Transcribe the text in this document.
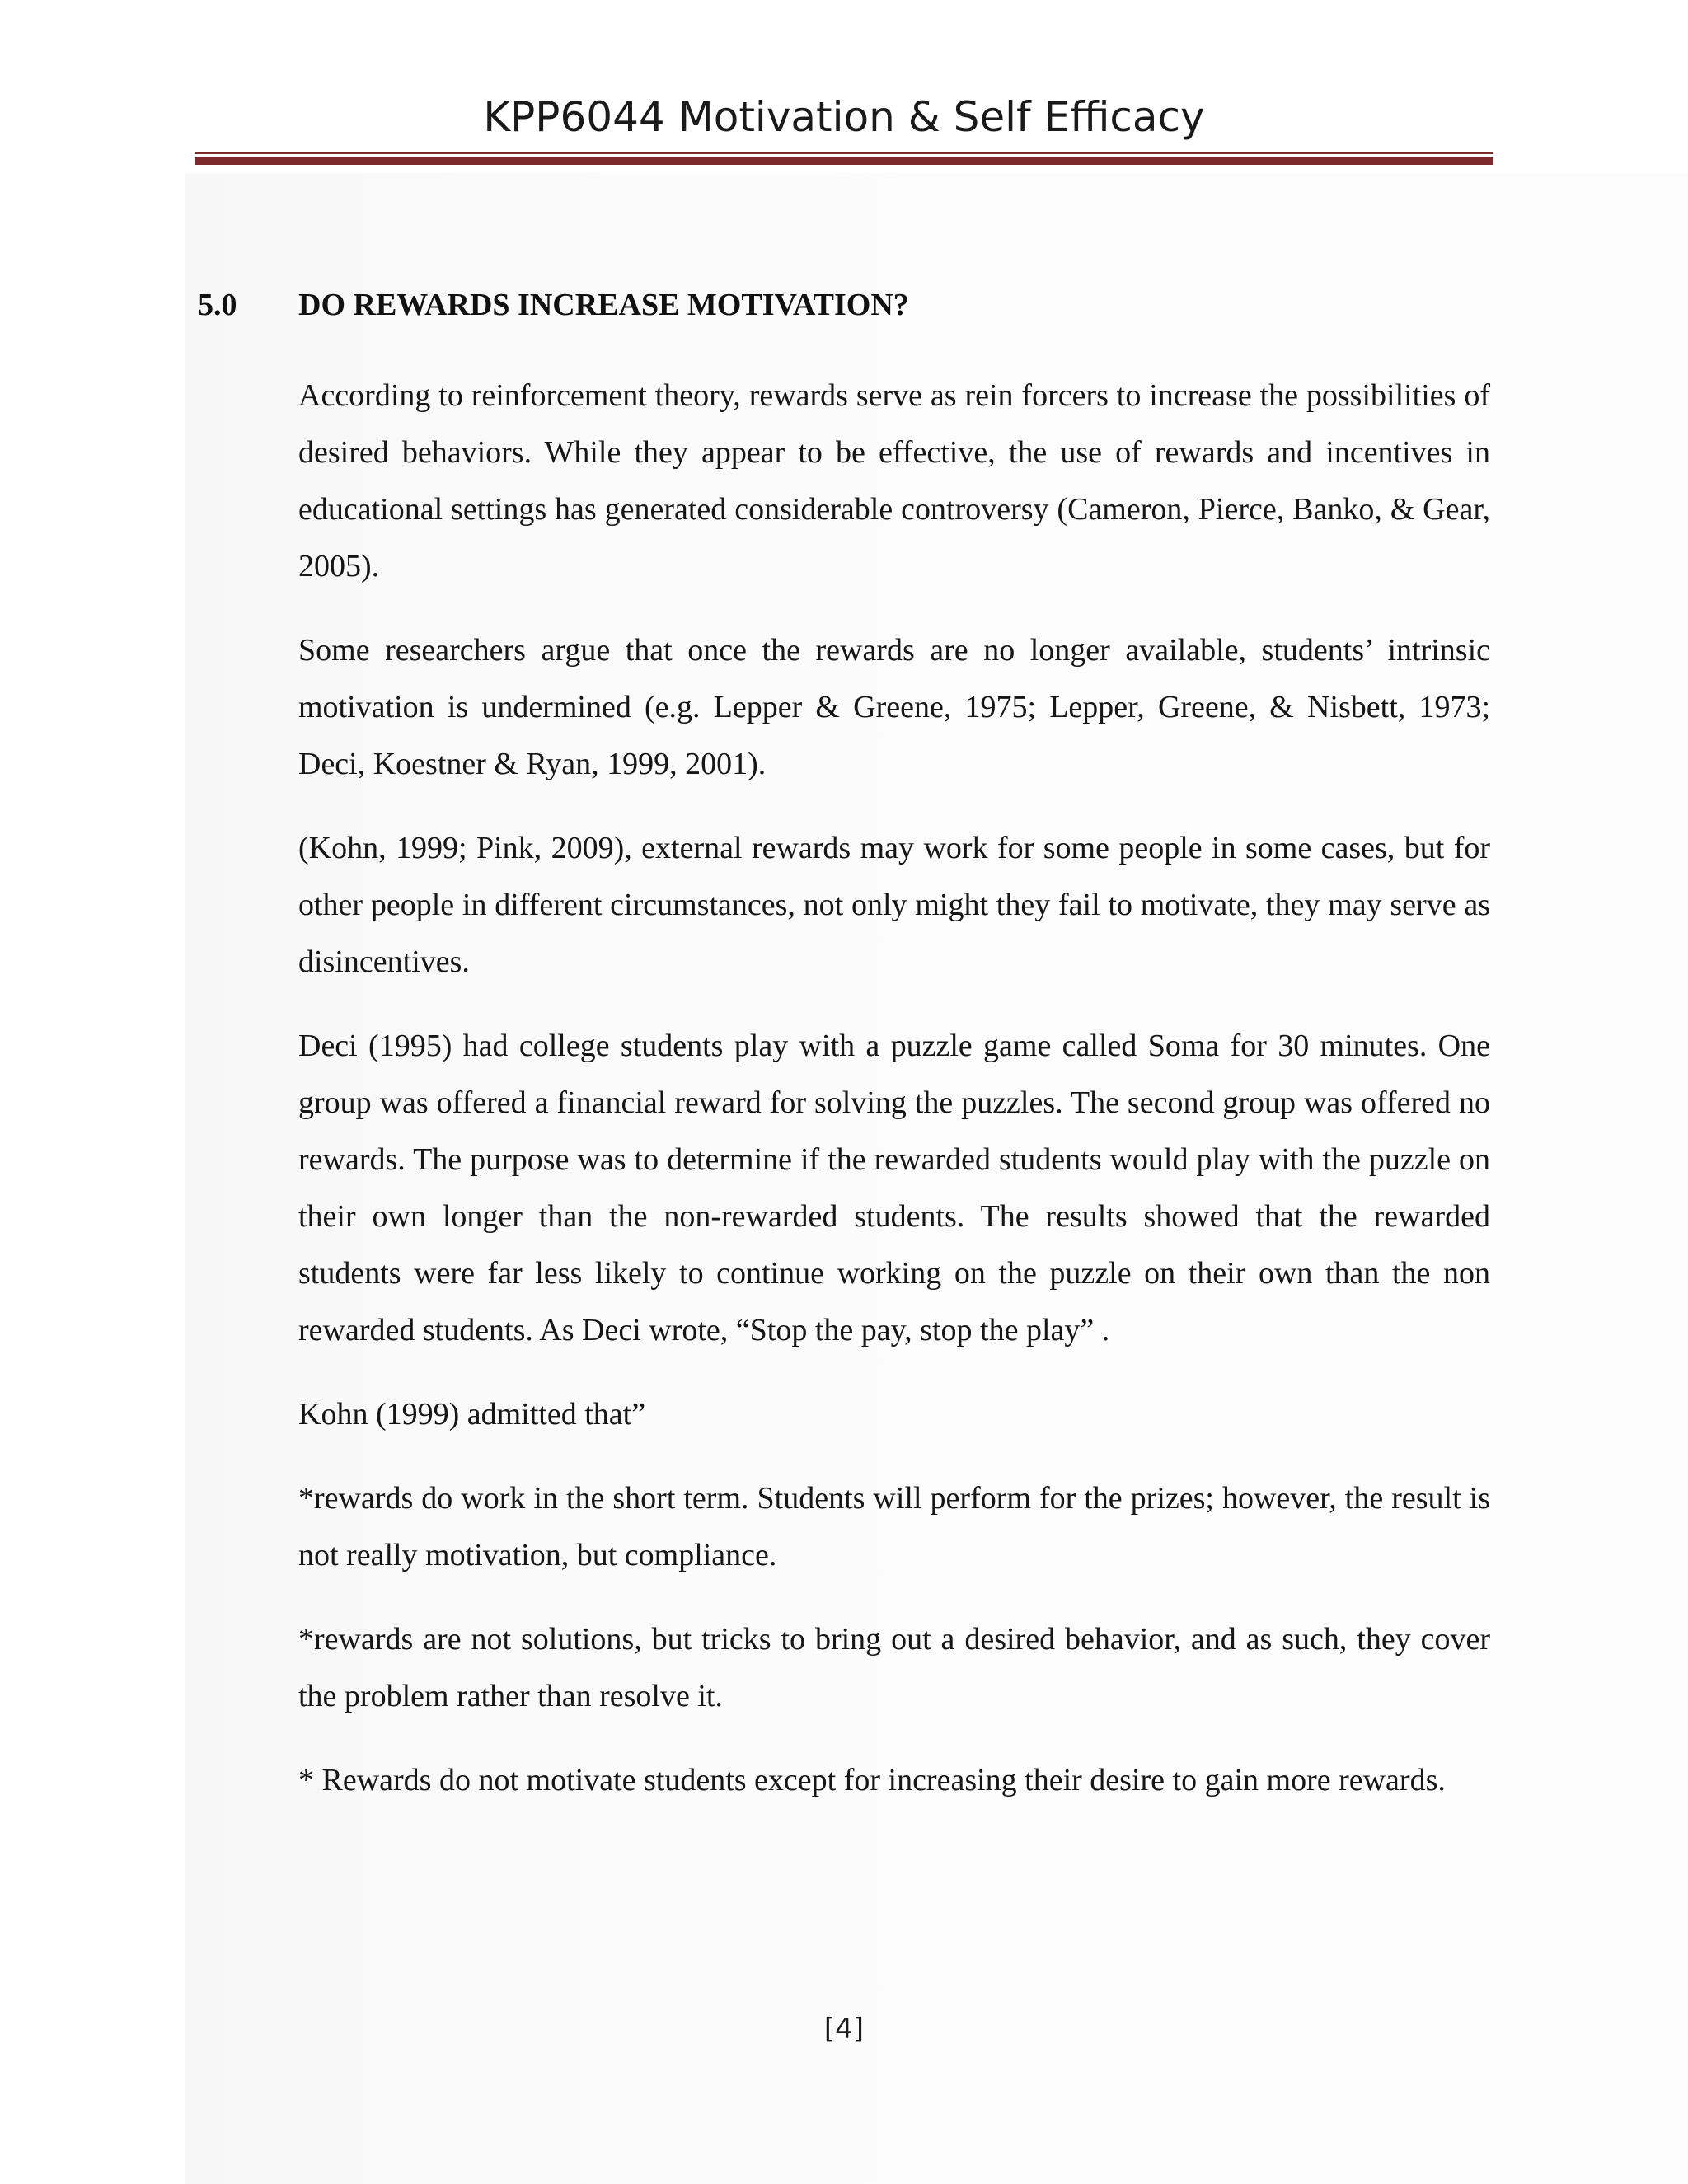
KPP6044 Motivation & Self Efficacy
5.0 DO REWARDS INCREASE MOTIVATION?

According to reinforcement theory, rewards serve as rein forcers to increase the possibilities of desired behaviors. While they appear to be effective, the use of rewards and incentives in educational settings has generated considerable controversy (Cameron, Pierce, Banko, & Gear, 2005).

Some researchers argue that once the rewards are no longer available, students’ intrinsic motivation is undermined (e.g. Lepper & Greene, 1975; Lepper, Greene, & Nisbett, 1973; Deci, Koestner & Ryan, 1999, 2001).

(Kohn, 1999; Pink, 2009), external rewards may work for some people in some cases, but for other people in different circumstances, not only might they fail to motivate, they may serve as disincentives.

Deci (1995) had college students play with a puzzle game called Soma for 30 minutes. One group was offered a financial reward for solving the puzzles. The second group was offered no rewards. The purpose was to determine if the rewarded students would play with the puzzle on their own longer than the non-rewarded students. The results showed that the rewarded students were far less likely to continue working on the puzzle on their own than the non rewarded students. As Deci wrote, “Stop the pay, stop the play” .

Kohn (1999) admitted that”

*rewards do work in the short term. Students will perform for the prizes; however, the result is not really motivation, but compliance.

*rewards are not solutions, but tricks to bring out a desired behavior, and as such, they cover the problem rather than resolve it.

* Rewards do not motivate students except for increasing their desire to gain more rewards.

[4]
